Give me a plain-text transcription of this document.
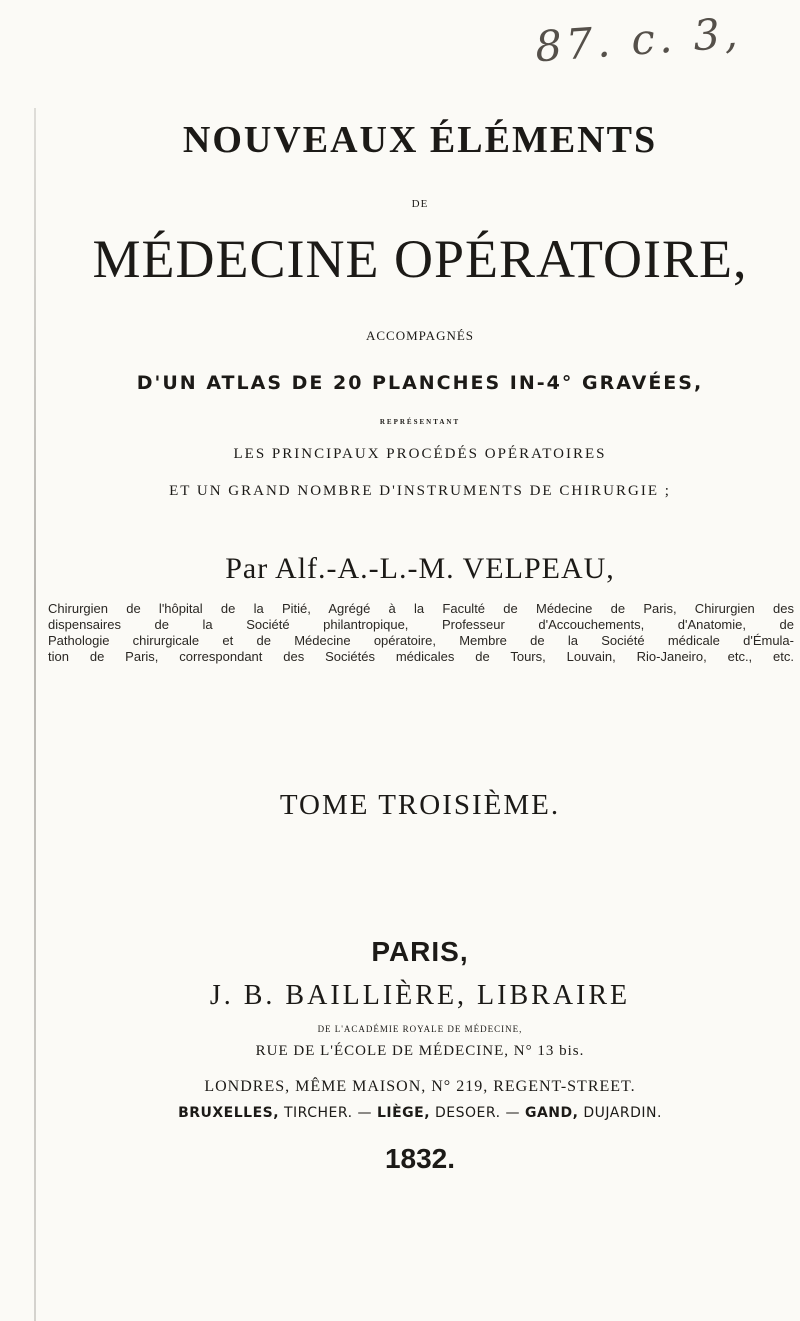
87. c. 3,
NOUVEAUX ÉLÉMENTS
DE
MÉDECINE OPÉRATOIRE,
ACCOMPAGNÉS
D'UN ATLAS DE 20 PLANCHES IN-4° GRAVÉES,
REPRÉSENTANT
LES PRINCIPAUX PROCÉDÉS OPÉRATOIRES
ET UN GRAND NOMBRE D'INSTRUMENTS DE CHIRURGIE ;
Par Alf.-A.-L.-M. VELPEAU,
Chirurgien de l'hôpital de la Pitié, Agrégé à la Faculté de Médecine de Paris, Chirurgien des
dispensaires de la Société philantropique, Professeur d'Accouchements, d'Anatomie, de
Pathologie chirurgicale et de Médecine opératoire, Membre de la Société médicale d'Émula-
tion de Paris, correspondant des Sociétés médicales de Tours, Louvain, Rio-Janeiro, etc., etc.
TOME TROISIÈME.
PARIS,
J. B. BAILLIÈRE, LIBRAIRE
DE L'ACADÉMIE ROYALE DE MÉDECINE,
RUE DE L'ÉCOLE DE MÉDECINE, N° 13 bis.
LONDRES, MÊME MAISON, N° 219, REGENT-STREET.
BRUXELLES, TIRCHER. — LIÈGE, DESOER. — GAND, DUJARDIN.
1832.
